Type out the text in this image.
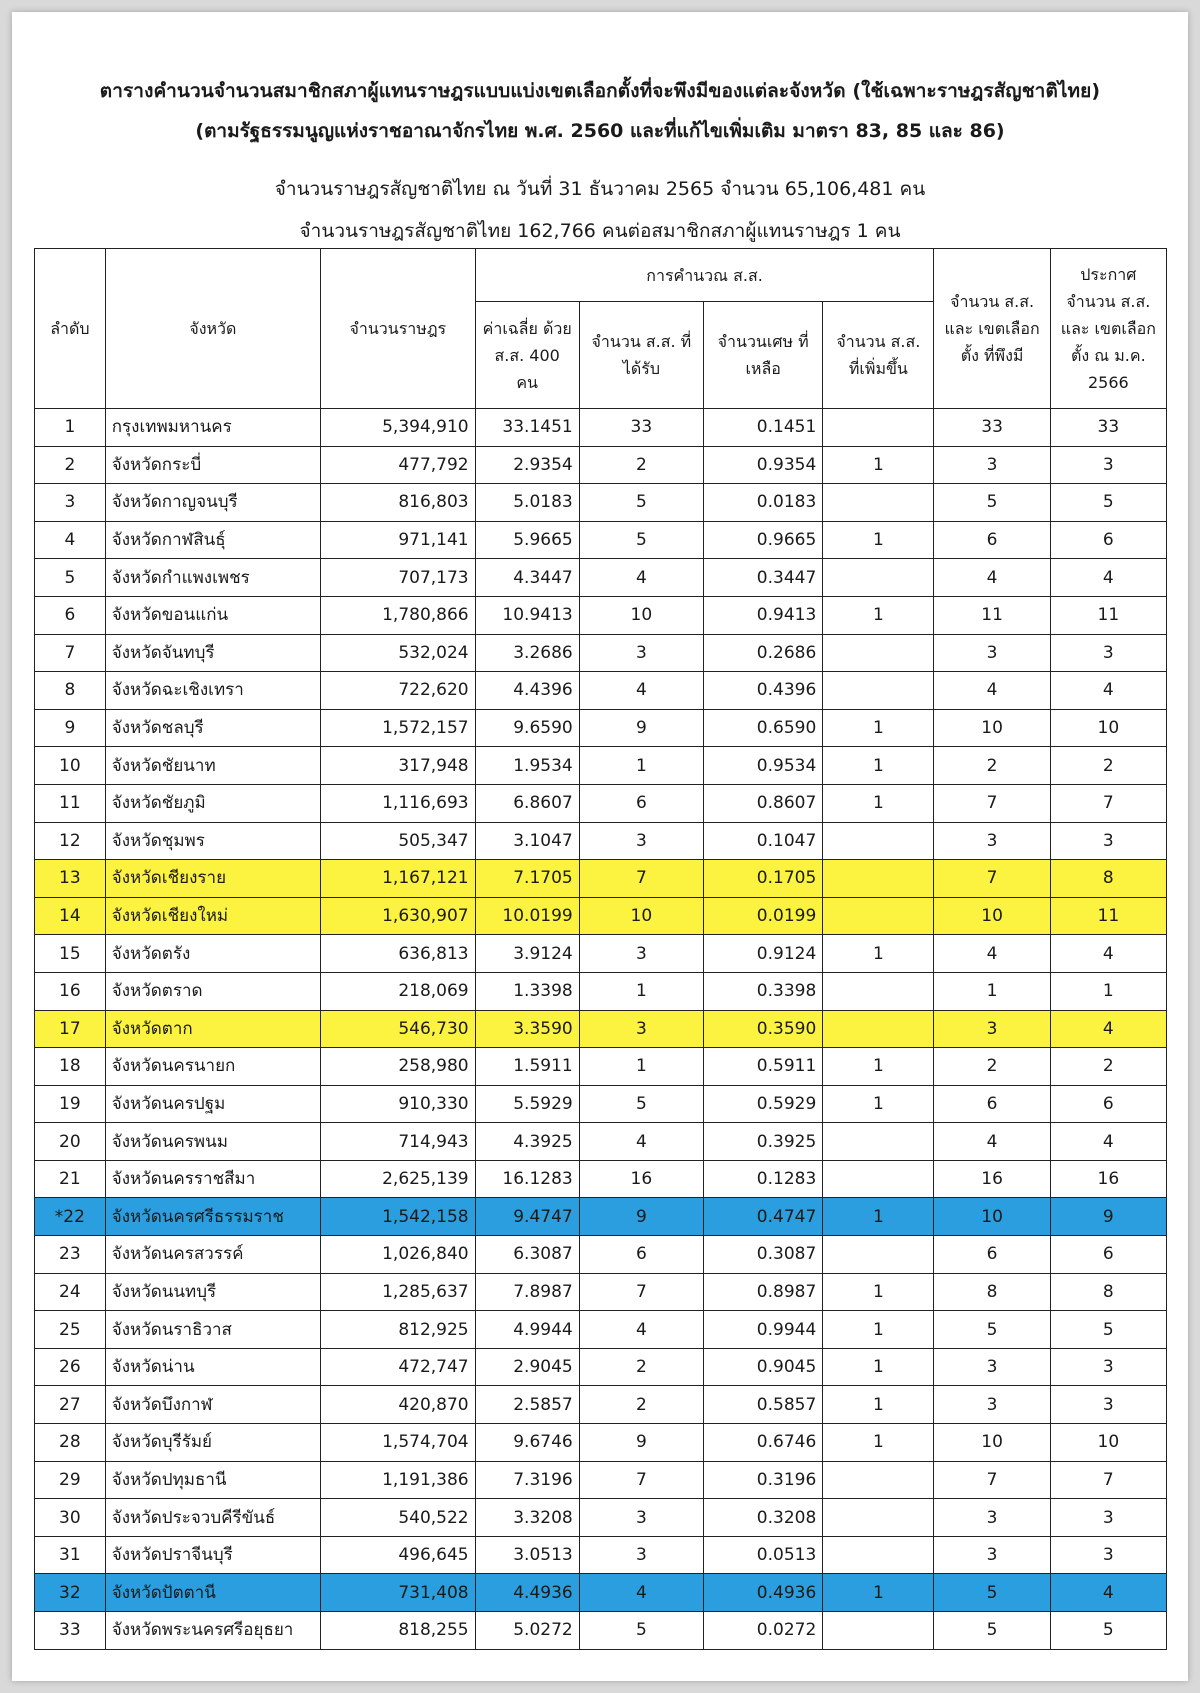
ตารางคำนวนจำนวนสมาชิกสภาผู้แทนราษฎรแบบแบ่งเขตเลือกตั้งที่จะพึงมีของแต่ละจังหวัด (ใช้เฉพาะราษฎรสัญชาติไทย)
(ตามรัฐธรรมนูญแห่งราชอาณาจักรไทย พ.ศ. 2560 และที่แก้ไขเพิ่มเติม มาตรา 83, 85 และ 86)
จำนวนราษฎรสัญชาติไทย ณ วันที่ 31 ธันวาคม 2565 จำนวน 65,106,481 คน
จำนวนราษฎรสัญชาติไทย 162,766 คนต่อสมาชิกสภาผู้แทนราษฎร 1 คน
ลำดับ	จังหวัด	จำนวนราษฎร	การคำนวณ ส.ส.				จำนวน ส.ส. และ เขตเลือกตั้ง ที่พึงมี	ประกาศ จำนวน ส.ส. และ เขตเลือกตั้ง ณ ม.ค. 2566
			ค่าเฉลี่ย ด้วย ส.ส. 400 คน	จำนวน ส.ส. ที่ได้รับ	จำนวนเศษ ที่เหลือ	จำนวน ส.ส. ที่เพิ่มขึ้น		
1	กรุงเทพมหานคร	5,394,910	33.1451	33	0.1451		33	33
2	จังหวัดกระบี่	477,792	2.9354	2	0.9354	1	3	3
3	จังหวัดกาญจนบุรี	816,803	5.0183	5	0.0183		5	5
4	จังหวัดกาฬสินธุ์	971,141	5.9665	5	0.9665	1	6	6
5	จังหวัดกำแพงเพชร	707,173	4.3447	4	0.3447		4	4
6	จังหวัดขอนแก่น	1,780,866	10.9413	10	0.9413	1	11	11
7	จังหวัดจันทบุรี	532,024	3.2686	3	0.2686		3	3
8	จังหวัดฉะเชิงเทรา	722,620	4.4396	4	0.4396		4	4
9	จังหวัดชลบุรี	1,572,157	9.6590	9	0.6590	1	10	10
10	จังหวัดชัยนาท	317,948	1.9534	1	0.9534	1	2	2
11	จังหวัดชัยภูมิ	1,116,693	6.8607	6	0.8607	1	7	7
12	จังหวัดชุมพร	505,347	3.1047	3	0.1047		3	3
13	จังหวัดเชียงราย	1,167,121	7.1705	7	0.1705		7	8
14	จังหวัดเชียงใหม่	1,630,907	10.0199	10	0.0199		10	11
15	จังหวัดตรัง	636,813	3.9124	3	0.9124	1	4	4
16	จังหวัดตราด	218,069	1.3398	1	0.3398		1	1
17	จังหวัดตาก	546,730	3.3590	3	0.3590		3	4
18	จังหวัดนครนายก	258,980	1.5911	1	0.5911	1	2	2
19	จังหวัดนครปฐม	910,330	5.5929	5	0.5929	1	6	6
20	จังหวัดนครพนม	714,943	4.3925	4	0.3925		4	4
21	จังหวัดนครราชสีมา	2,625,139	16.1283	16	0.1283		16	16
*22	จังหวัดนครศรีธรรมราช	1,542,158	9.4747	9	0.4747	1	10	9
23	จังหวัดนครสวรรค์	1,026,840	6.3087	6	0.3087		6	6
24	จังหวัดนนทบุรี	1,285,637	7.8987	7	0.8987	1	8	8
25	จังหวัดนราธิวาส	812,925	4.9944	4	0.9944	1	5	5
26	จังหวัดน่าน	472,747	2.9045	2	0.9045	1	3	3
27	จังหวัดบึงกาฬ	420,870	2.5857	2	0.5857	1	3	3
28	จังหวัดบุรีรัมย์	1,574,704	9.6746	9	0.6746	1	10	10
29	จังหวัดปทุมธานี	1,191,386	7.3196	7	0.3196		7	7
30	จังหวัดประจวบคีรีขันธ์	540,522	3.3208	3	0.3208		3	3
31	จังหวัดปราจีนบุรี	496,645	3.0513	3	0.0513		3	3
32	จังหวัดปัตตานี	731,408	4.4936	4	0.4936	1	5	4
33	จังหวัดพระนครศรีอยุธยา	818,255	5.0272	5	0.0272		5	5
